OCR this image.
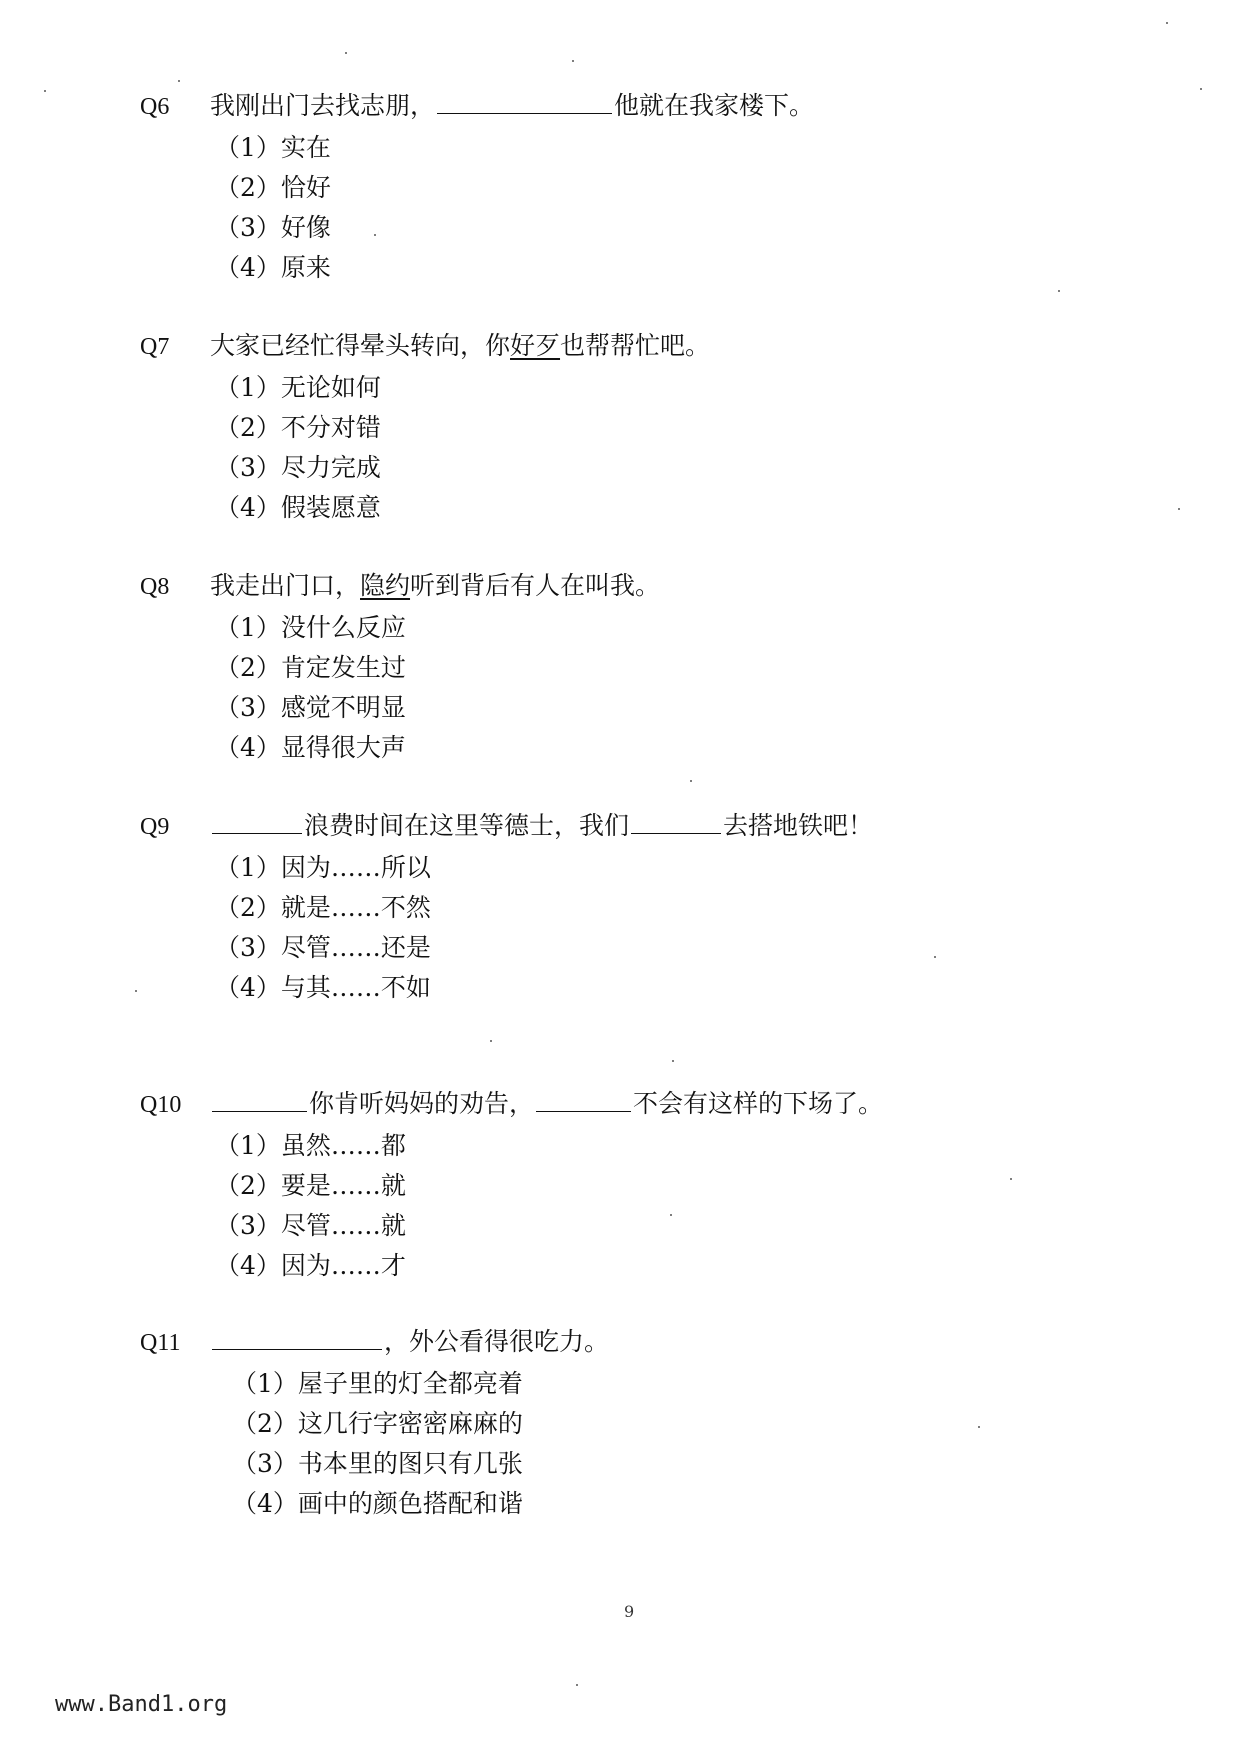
Q6	我刚出门去找志朋，	他就在我家楼下。
（1）实在
（2）恰好
（3）好像
（4）原来
Q7	大家已经忙得晕头转向，你好歹也帮帮忙吧。
（1）无论如何
（2）不分对错
（3）尽力完成
（4）假装愿意
Q8	我走出门口，隐约听到背后有人在叫我。
（1）没什么反应
（2）肯定发生过
（3）感觉不明显
（4）显得很大声
Q9	浪费时间在这里等德士，我们	去搭地铁吧！
（1）因为……所以
（2）就是……不然
（3）尽管……还是
（4）与其……不如
Q10	你肯听妈妈的劝告，	不会有这样的下场了。
（1）虽然……都
（2）要是……就
（3）尽管……就
（4）因为……才
Q11	，外公看得很吃力。
（1）屋子里的灯全都亮着
（2）这几行字密密麻麻的
（3）书本里的图只有几张
（4）画中的颜色搭配和谐
9
www.Band1.org
